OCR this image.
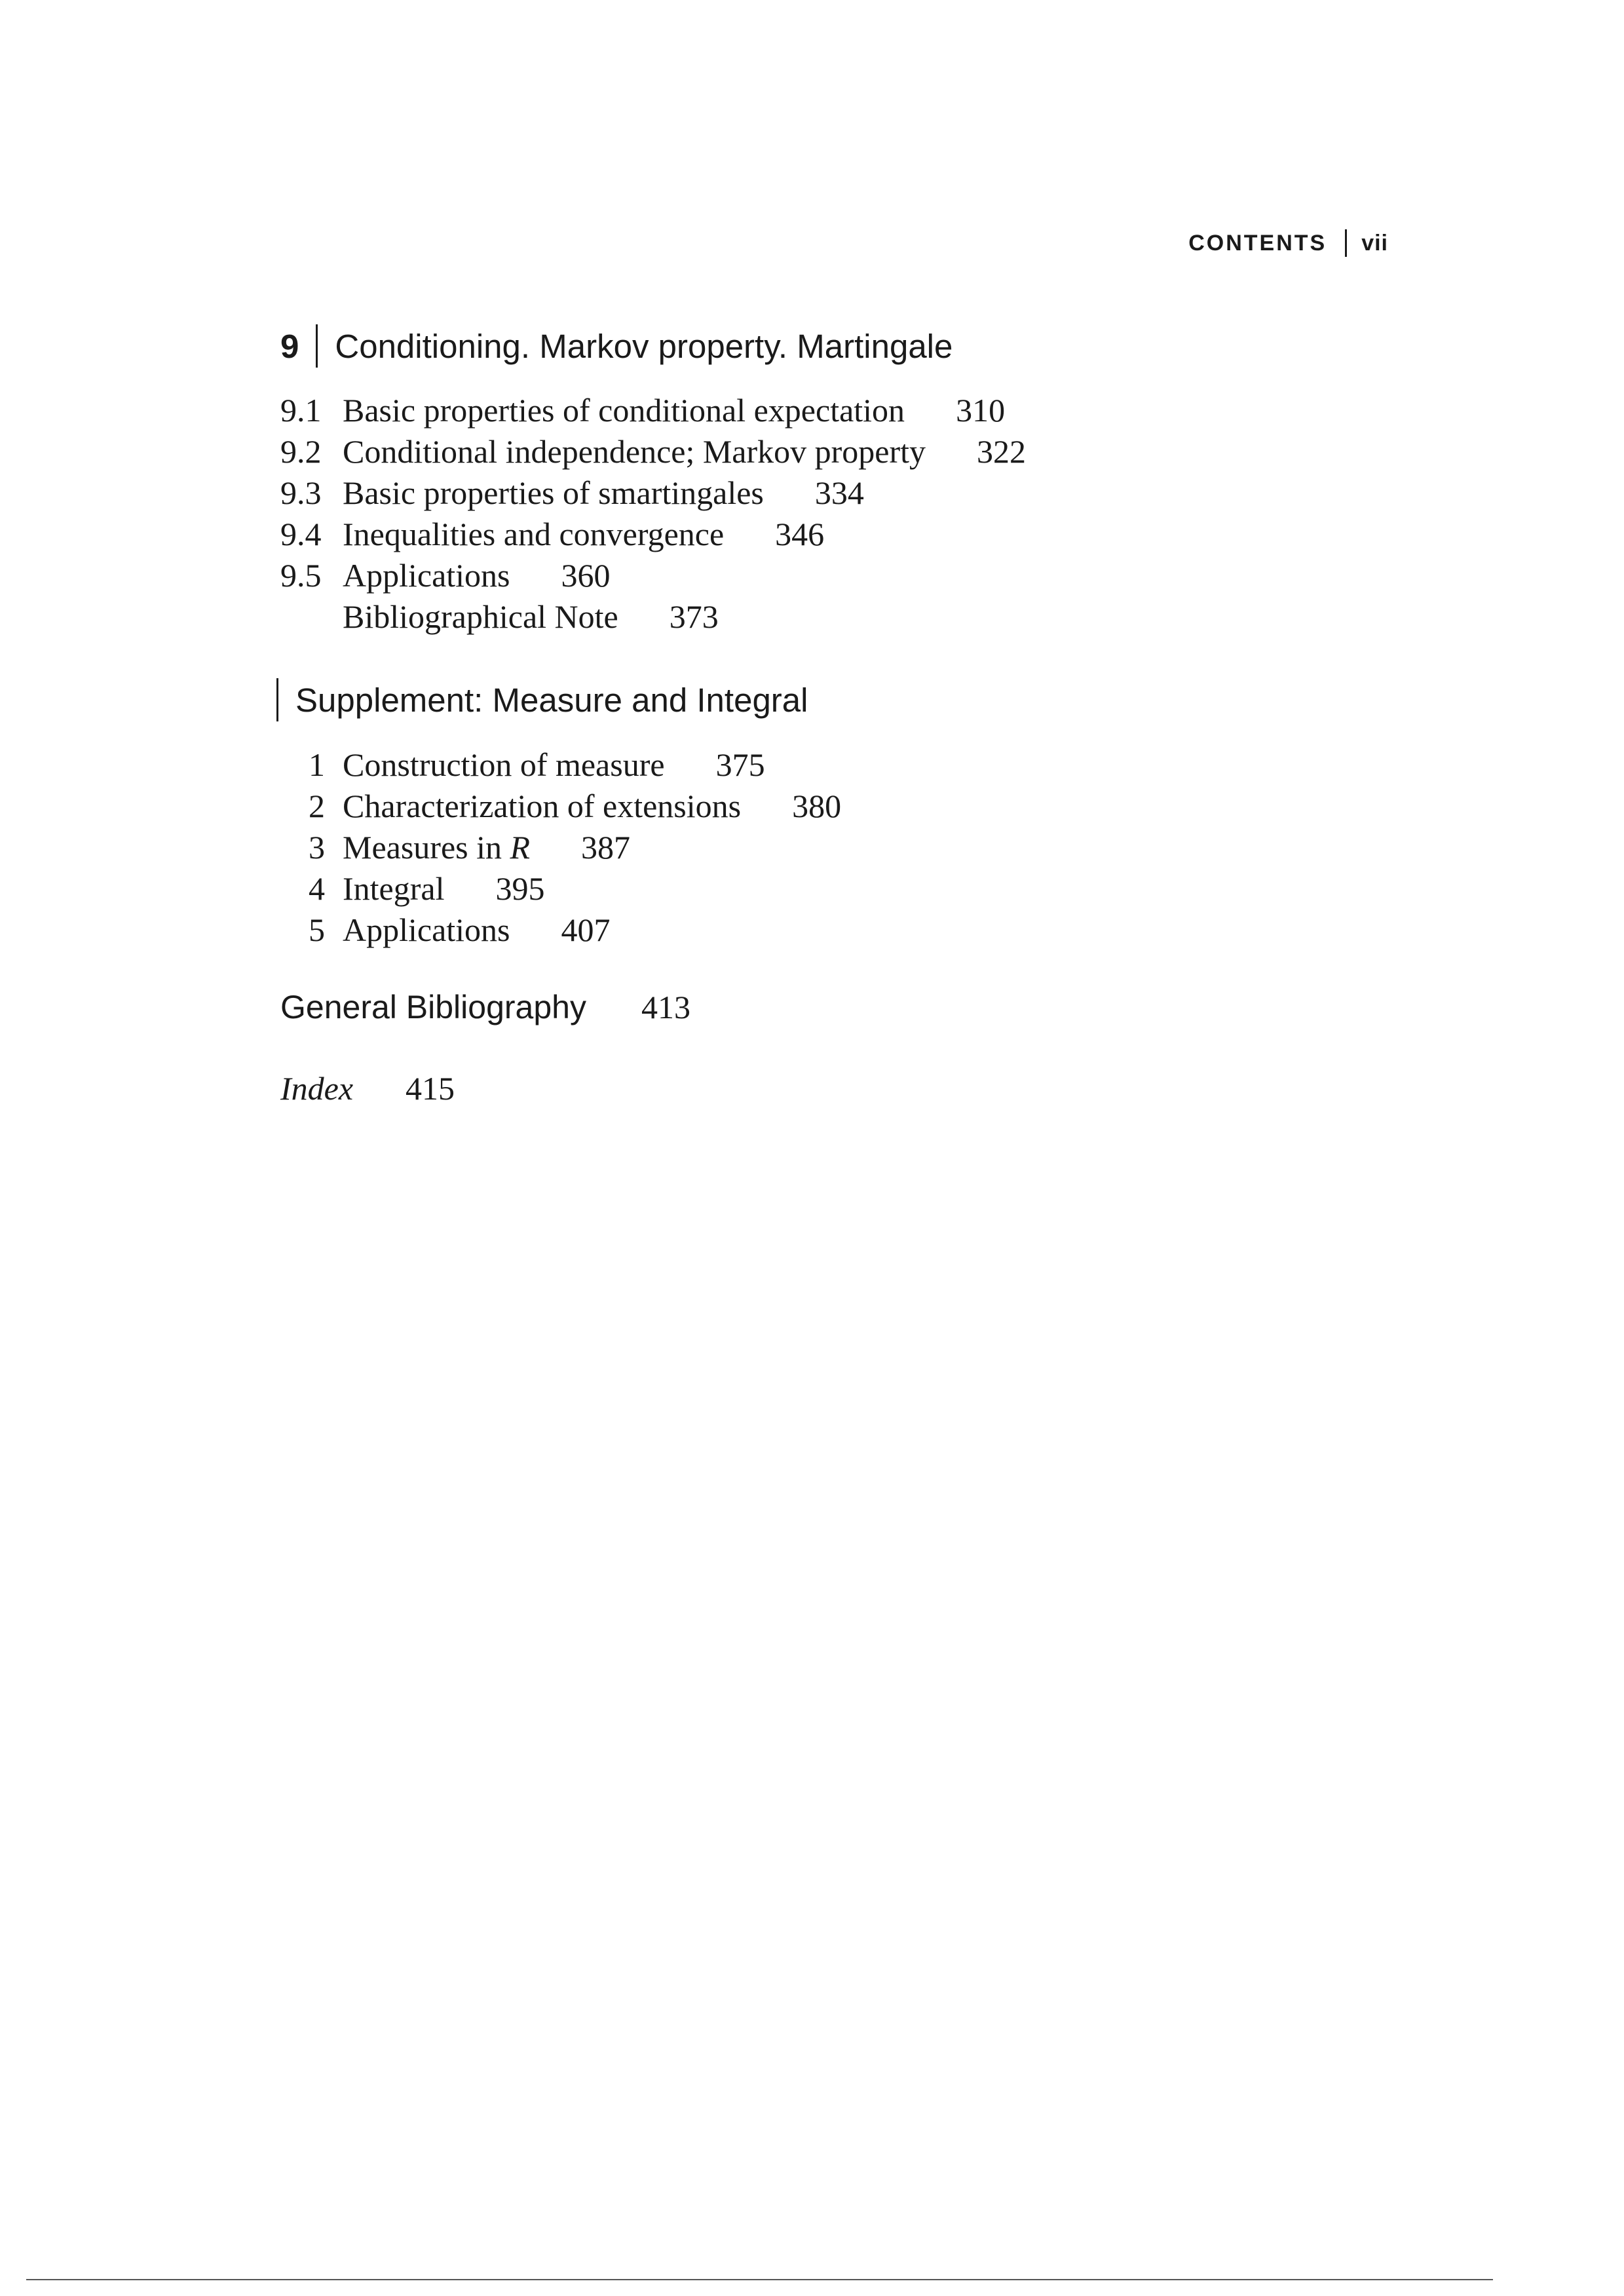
CONTENTS vii
9 Conditioning. Markov property. Martingale
9.1 Basic properties of conditional expectation 310
9.2 Conditional independence; Markov property 322
9.3 Basic properties of smartingales 334
9.4 Inequalities and convergence 346
9.5 Applications 360
Bibliographical Note 373
Supplement: Measure and Integral
1 Construction of measure 375
2 Characterization of extensions 380
3 Measures in R 387
4 Integral 395
5 Applications 407
General Bibliography 413
Index 415
